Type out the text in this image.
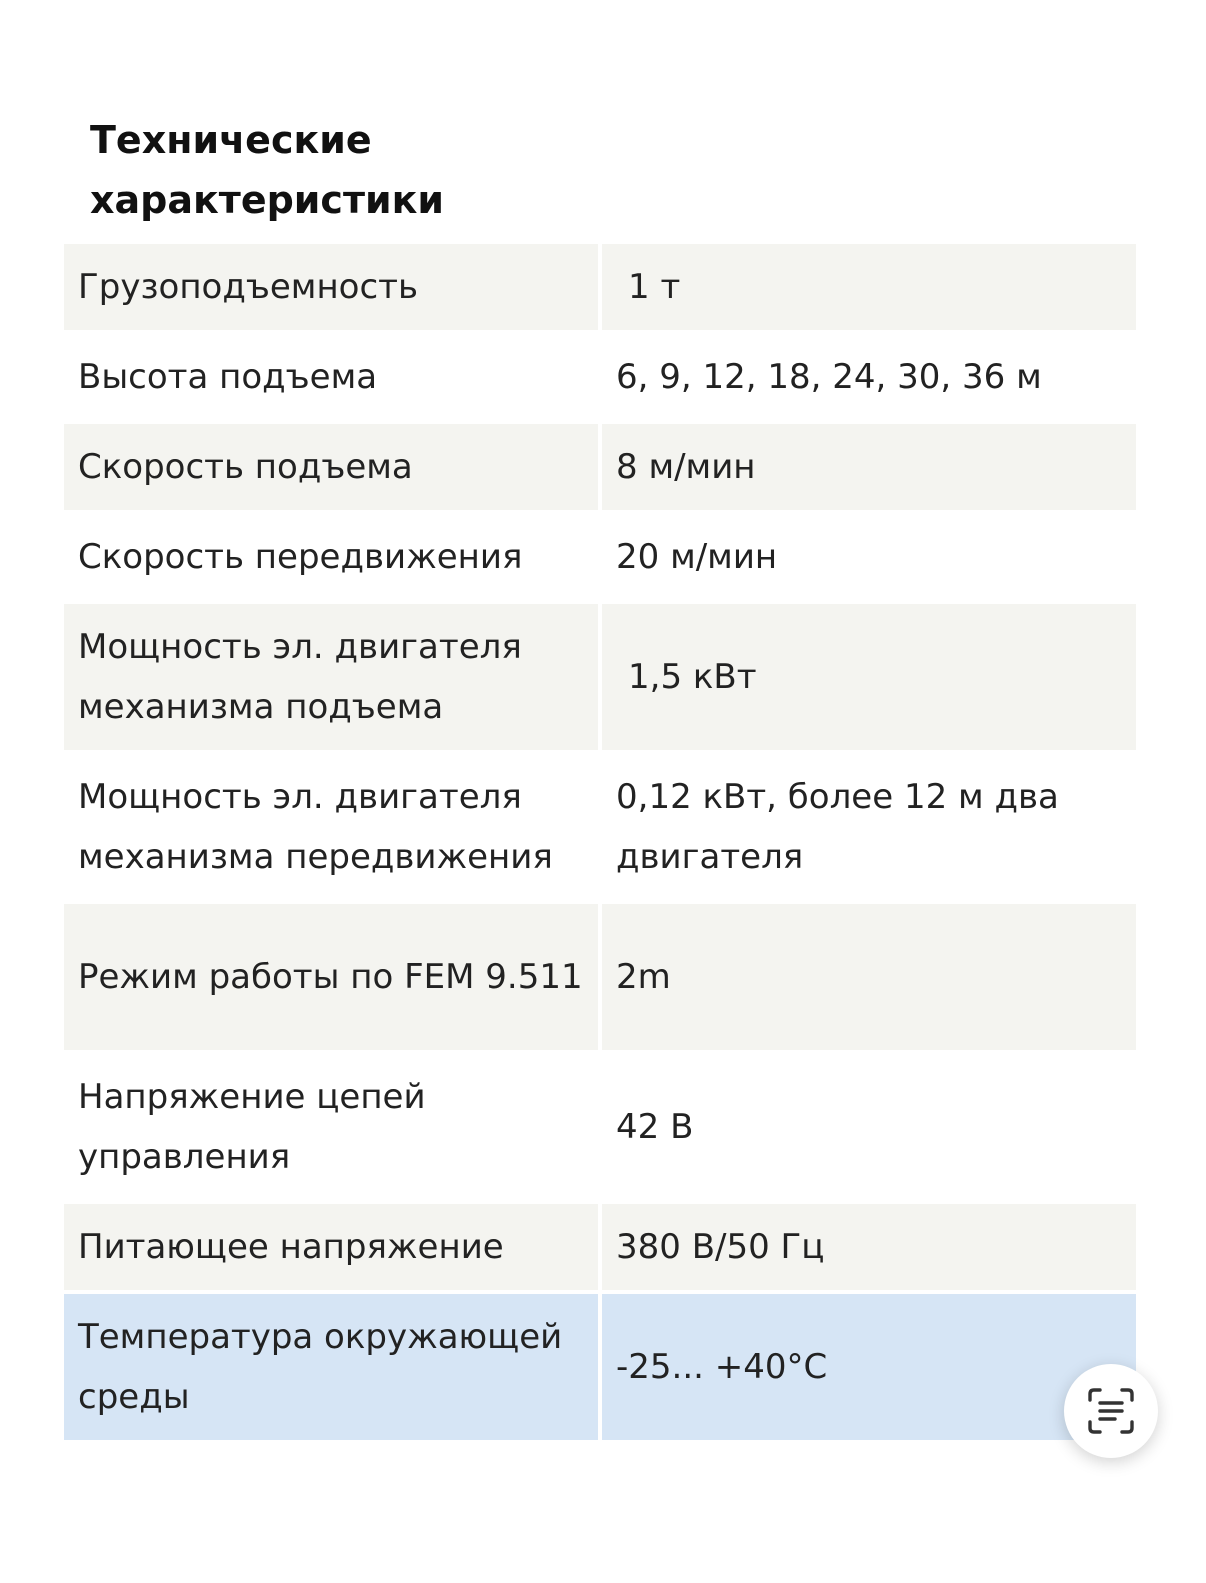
Технические характеристики
Грузоподъемность	1 т
Высота подъема	6, 9, 12, 18, 24, 30, 36 м
Скорость подъема	8 м/мин
Скорость передвижения	20 м/мин
Мощность эл. двигателя механизма подъема	1,5 кВт
Мощность эл. двигателя механизма передвижения	0,12 кВт, более 12 м два двигателя
Режим работы по FEM 9.511	2m
Напряжение цепей управления	42 В
Питающее напряжение	380 В/50 Гц
Температура окружающей среды	-25... +40°С
